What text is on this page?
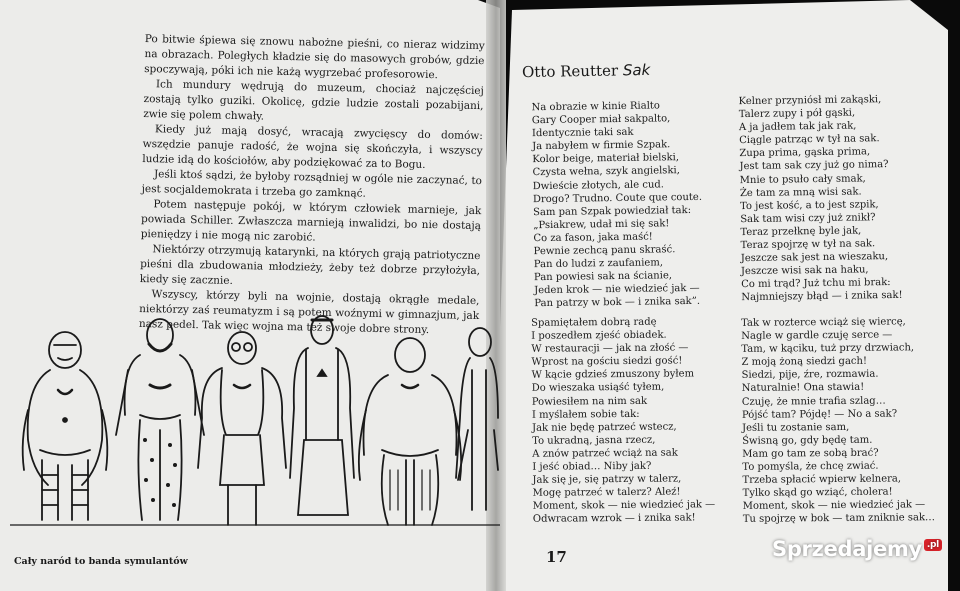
Po bitwie śpiewa się znowu nabożne pieśni, co nieraz widzimy na obrazach. Poległych kładzie się do masowych grobów, gdzie spoczywają, póki ich nie każą wygrzebać profesorowie.

Ich mundury wędrują do muzeum, chociaż najczęściej zostają tylko guziki. Okolicę, gdzie ludzie zostali pozabijani, zwie się polem chwały.

Kiedy już mają dosyć, wracają zwycięscy do domów: wszędzie panuje radość, że wojna się skończyła, i wszyscy ludzie idą do kościołów, aby podziękować za to Bogu.

Jeśli ktoś sądzi, że byłoby rozsądniej w ogóle nie zaczynać, to jest socjaldemokrata i trzeba go zamknąć.

Potem następuje pokój, w którym człowiek marnieje, jak powiada Schiller. Zwłaszcza marnieją inwalidzi, bo nie dostają pieniędzy i nie mogą nic zarobić.

Niektórzy otrzymują katarynki, na których grają patriotyczne pieśni dla zbudowania młodzieży, żeby też dobrze przyłożyła, kiedy się zacznie.

Wszyscy, którzy byli na wojnie, dostają okrągłe medale, niektórzy zaś reumatyzm i są potem woźnymi w gimnazjum, jak nasz pedel. Tak więc wojna ma też swoje dobre strony.

Cały naród to banda symulantów
Otto Reutter Sak
Na obrazie w kinie Rialto
Gary Cooper miał sakpalto,
Identycznie taki sak
Ja nabyłem w firmie Szpak.
Kolor beige, materiał bielski,
Czysta wełna, szyk angielski,
Dwieście złotych, ale cud.
Drogo? Trudno. Coute que coute.
Sam pan Szpak powiedział tak:
„Psiakrew, udał mi się sak!
Co za fason, jaka maść!
Pewnie zechcą panu skraść.
Pan do ludzi z zaufaniem,
Pan powiesi sak na ścianie,
Jeden krok — nie wiedzieć jak —
Pan patrzy w bok — i znika sak”.
Spamiętałem dobrą radę
I poszedłem zjeść obiadek.
W restauracji — jak na złość —
Wprost na gościu siedzi gość!
W kącie gdzieś zmuszony byłem
Do wieszaka usiąść tyłem,
Powiesiłem na nim sak
I myślałem sobie tak:
Jak nie będę patrzeć wstecz,
To ukradną, jasna rzecz,
A znów patrzeć wciąż na sak
I jeść obiad… Niby jak?
Jak się je, się patrzy w talerz,
Mogę patrzeć w talerz? Aleź!
Moment, skok — nie wiedzieć jak —
Odwracam wzrok — i znika sak!
Kelner przyniósł mi zakąski,
Talerz zupy i pół gąski,
A ja jadłem tak jak rak,
Ciągle patrząc w tył na sak.
Zupa prima, gąska prima,
Jest tam sak czy już go nima?
Mnie to psuło cały smak,
Że tam za mną wisi sak.
To jest kość, a to jest szpik,
Sak tam wisi czy już znikł?
Teraz przełknę byle jak,
Teraz spojrzę w tył na sak.
Jeszcze sak jest na wieszaku,
Jeszcze wisi sak na haku,
Co mi trąd? Już tchu mi brak:
Najmniejszy błąd — i znika sak!
Tak w rozterce wciąż się wiercę,
Nagle w gardle czuję serce —
Tam, w kąciku, tuż przy drzwiach,
Z moją żoną siedzi gach!
Siedzi, pije, źre, rozmawia.
Naturalnie! Ona stawia!
Czuję, że mnie trafia szlag…
Pójść tam? Pójdę! — No a sak?
Jeśli tu zostanie sam,
Świsną go, gdy będę tam.
Mam go tam ze sobą brać?
To pomyśla, że chcę zwiać.
Trzeba spłacić wpierw kelnera,
Tylko skąd go wziąć, cholera!
Moment, skok — nie wiedzieć jak —
Tu spojrzę w bok — tam zniknie sak…
17	Sprzedajemy .pl
